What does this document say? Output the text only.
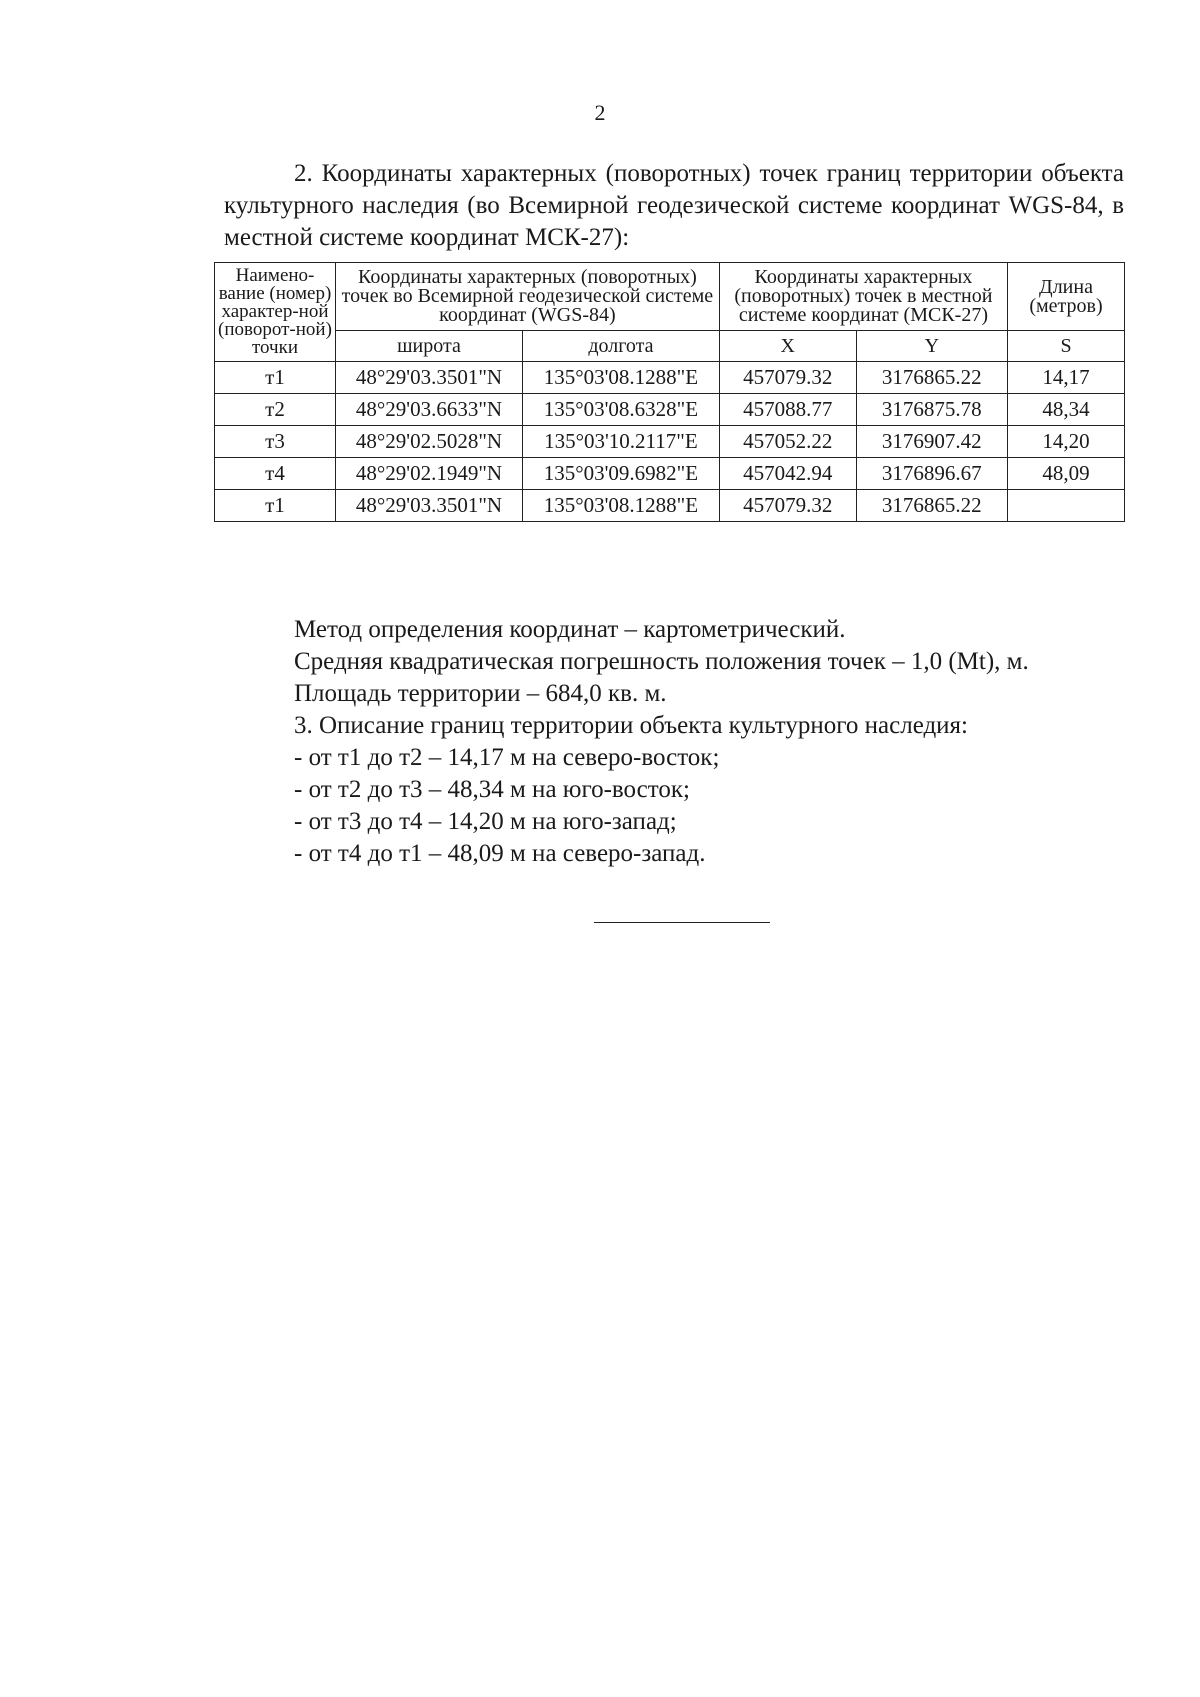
2
2. Координаты характерных (поворотных) точек границ территории объекта культурного наследия (во Всемирной геодезической системе координат WGS-84, в местной системе координат МСК-27):
Наимено-вание (номер) характер-ной (поворот-ной) точки	Координаты характерных (поворотных) точек во Всемирной геодезической системе координат (WGS-84)		Координаты характерных (поворотных) точек в местной системе координат (МСК-27)		Длина (метров)
	широта	долгота	X	Y	S
т1	48°29'03.3501"N	135°03'08.1288"E	457079.32	3176865.22	14,17
т2	48°29'03.6633"N	135°03'08.6328"E	457088.77	3176875.78	48,34
т3	48°29'02.5028"N	135°03'10.2117"E	457052.22	3176907.42	14,20
т4	48°29'02.1949"N	135°03'09.6982"E	457042.94	3176896.67	48,09
т1	48°29'03.3501"N	135°03'08.1288"E	457079.32	3176865.22	
Метод определения координат – картометрический.
Средняя квадратическая погрешность положения точек – 1,0 (Mt), м.
Площадь территории – 684,0 кв. м.
3. Описание границ территории объекта культурного наследия:
- от т1 до т2 – 14,17 м на северо-восток;
- от т2 до т3 – 48,34 м на юго-восток;
- от т3 до т4 – 14,20 м на юго-запад;
- от т4 до т1 – 48,09 м на северо-запад.
